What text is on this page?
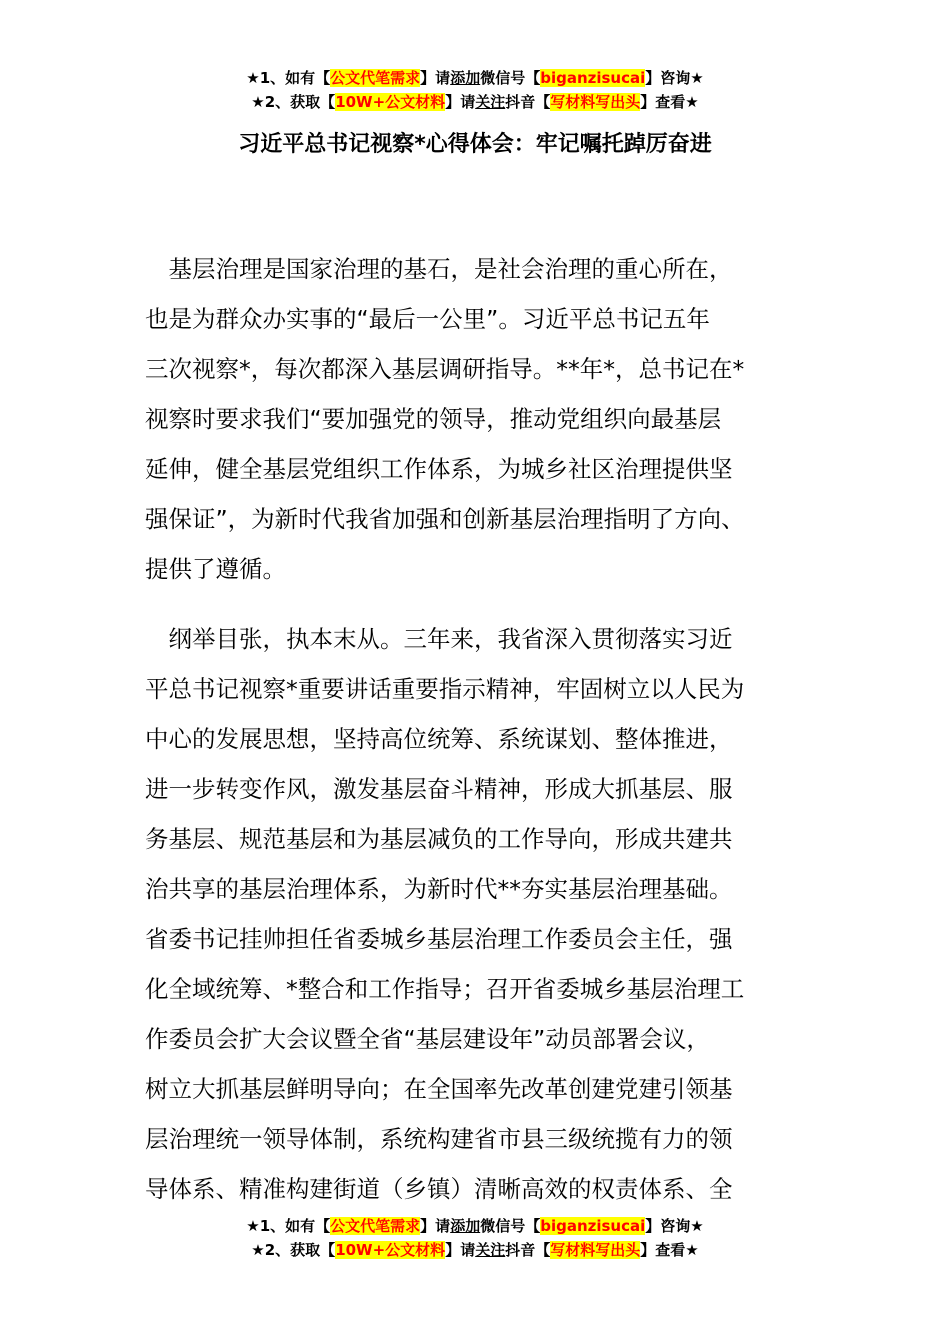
★1、如有【公文代笔需求】请添加微信号【biganzisucai】咨询★
★2、获取【10W+公文材料】请关注抖音【写材料写出头】查看★
习近平总书记视察*心得体会：牢记嘱托踔厉奋进
　基层治理是国家治理的基石，是社会治理的重心所在，
也是为群众办实事的“最后一公里”。习近平总书记五年
三次视察*，每次都深入基层调研指导。**年*，总书记在*
视察时要求我们“要加强党的领导，推动党组织向最基层
延伸，健全基层党组织工作体系，为城乡社区治理提供坚
强保证”，为新时代我省加强和创新基层治理指明了方向、
提供了遵循。
　纲举目张，执本末从。三年来，我省深入贯彻落实习近
平总书记视察*重要讲话重要指示精神，牢固树立以人民为
中心的发展思想，坚持高位统筹、系统谋划、整体推进，
进一步转变作风，激发基层奋斗精神，形成大抓基层、服
务基层、规范基层和为基层减负的工作导向，形成共建共
治共享的基层治理体系，为新时代**夯实基层治理基础。
省委书记挂帅担任省委城乡基层治理工作委员会主任，强
化全域统筹、*整合和工作指导；召开省委城乡基层治理工
作委员会扩大会议暨全省“基层建设年”动员部署会议，
树立大抓基层鲜明导向；在全国率先改革创建党建引领基
层治理统一领导体制，系统构建省市县三级统揽有力的领
导体系、精准构建街道（乡镇）清晰高效的权责体系、全
★1、如有【公文代笔需求】请添加微信号【biganzisucai】咨询★
★2、获取【10W+公文材料】请关注抖音【写材料写出头】查看★
